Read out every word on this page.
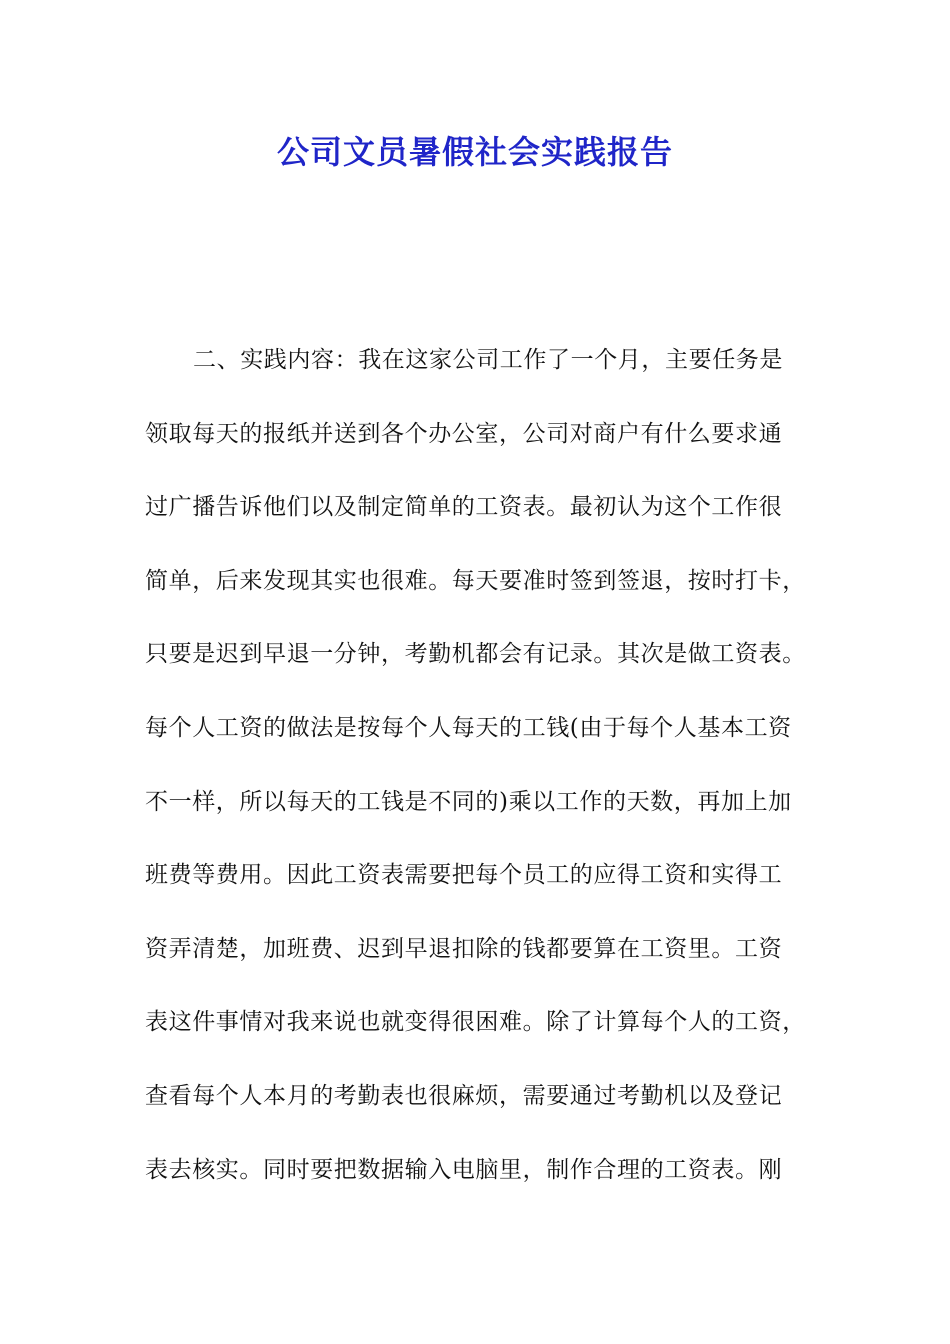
公司文员暑假社会实践报告
二、实践内容：我在这家公司工作了一个月，主要任务是
领取每天的报纸并送到各个办公室，公司对商户有什么要求通
过广播告诉他们以及制定简单的工资表。最初认为这个工作很
简单，后来发现其实也很难。每天要准时签到签退，按时打卡，
只要是迟到早退一分钟，考勤机都会有记录。其次是做工资表。
每个人工资的做法是按每个人每天的工钱(由于每个人基本工资
不一样，所以每天的工钱是不同的)乘以工作的天数，再加上加
班费等费用。因此工资表需要把每个员工的应得工资和实得工
资弄清楚，加班费、迟到早退扣除的钱都要算在工资里。工资
表这件事情对我来说也就变得很困难。除了计算每个人的工资，
查看每个人本月的考勤表也很麻烦，需要通过考勤机以及登记
表去核实。同时要把数据输入电脑里，制作合理的工资表。刚
